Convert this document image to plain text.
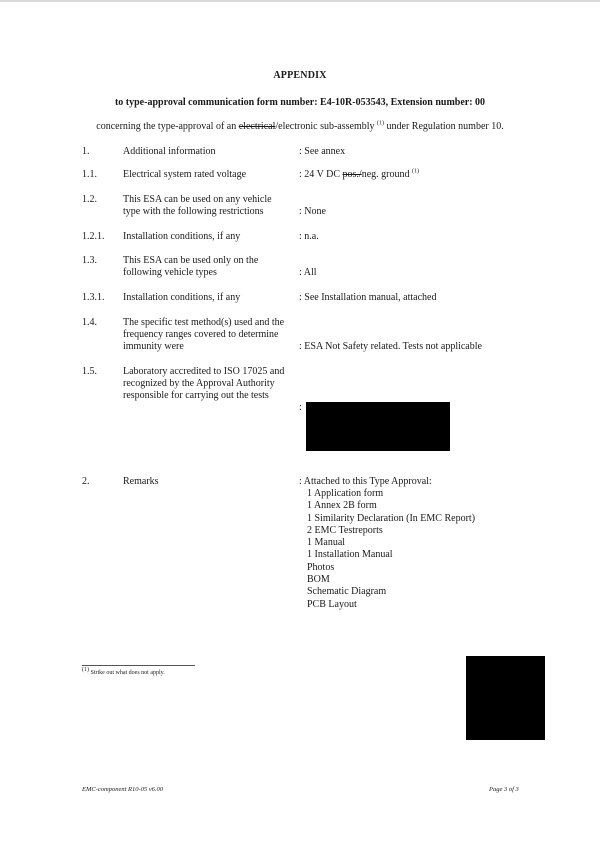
APPENDIX
to type-approval communication form number: E4-10R-053543, Extension number: 00
concerning the type-approval of an electrical/electronic sub-assembly $^{(1)}$ under Regulation number 10.
1.	Additional information	: See annex
1.1.	Electrical system rated voltage	: 24 V DC pos./neg. ground $^{(1)}$
1.2.	This ESA can be used on any vehicle type with the following restrictions	: None
1.2.1. Installation conditions, if any	: n.a.
1.3.	This ESA can be used only on the following vehicle types	: All
1.3.1. Installation conditions, if any	: See Installation manual, attached
1.4.	The specific test method(s) used and the frequency ranges covered to determine immunity were	: ESA Not Safety related. Tests not applicable
1.5.	Laboratory accredited to ISO 17025 and recognized by the Approval Authority responsible for carrying out the tests
:
2.	Remarks	: Attached to this Type Approval:
1 Application form
1 Annex 2B form
1 Similarity Declaration (In EMC Report)
2 EMC Testreports
1 Manual
1 Installation Manual
Photos
BOM
Schematic Diagram
PCB Layout
$^{(1)}$ Strike out what does not apply.
EMC-component R10-05 v6.00	Page 3 of 3
